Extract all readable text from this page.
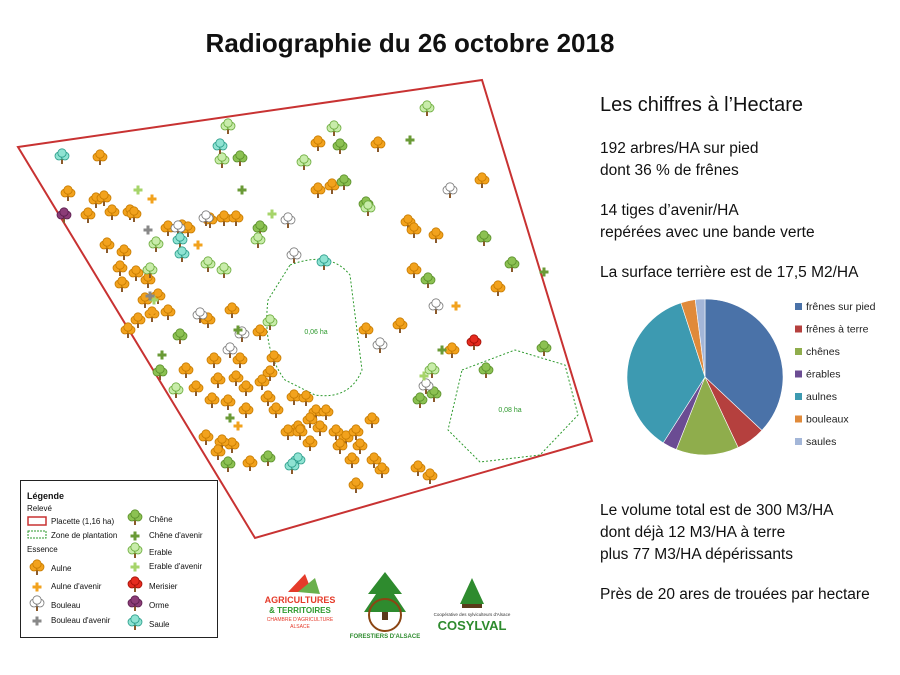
Radiographie du 26 octobre 2018
0,06 ha
0,08 ha
Les chiffres à l’Hectare

192 arbres/HA sur pied
dont 36 % de frênes

14 tiges d’avenir/HA
repérées avec une bande verte

La surface terrière est de 17,5 M2/HA

frênes sur pied
frênes à terre
chênes
érables
aulnes
bouleaux
saules

Le volume total est de 300 M3/HA
dont déjà 12 M3/HA à terre
plus 77 M3/HA dépérissants

Près de 20 ares de trouées par hectare

Légende
Relevé
Placette (1,16 ha)
Zone de plantation
Essence
Aulne
Aulne d'avenir
Bouleau
Bouleau d'avenir
Chêne
Chêne d'avenir
Erable
Erable d'avenir
Merisier
Orme
Saule
AGRICULTURES
& TERRITOIRES
CHAMBRE D'AGRICULTURE
ALSACE
FORESTIERS D'ALSACE
Coopérative des sylviculteurs d'Alsace
COSYLVAL
